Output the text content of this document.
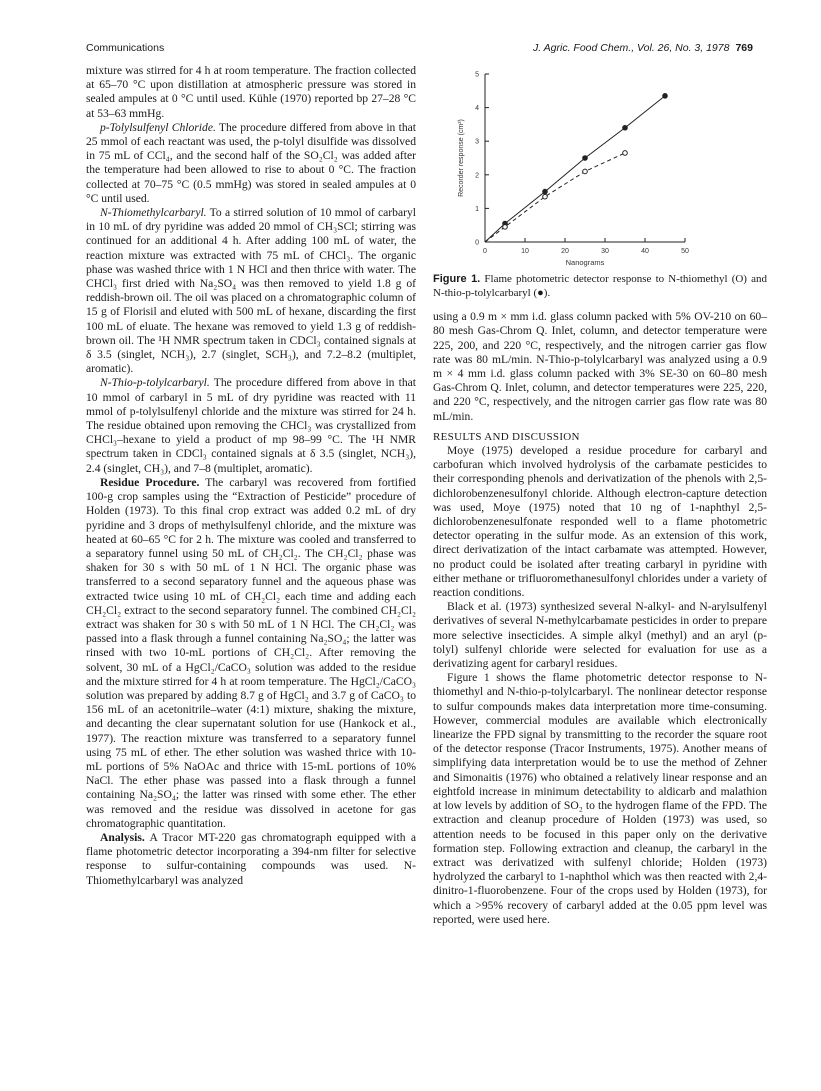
Communications	J. Agric. Food Chem., Vol. 26, No. 3, 1978 769

mixture was stirred for 4 h at room temperature. The fraction collected at 65–70 °C upon distillation at atmospheric pressure was stored in sealed ampules at 0 °C until used. Kühle (1970) reported bp 27–28 °C at 53–63 mmHg.

p-Tolylsulfenyl Chloride. The procedure differed from above in that 25 mmol of each reactant was used, the p-tolyl disulfide was dissolved in 75 mL of CCl₄, and the second half of the SO₂Cl₂ was added after the temperature had been allowed to rise to about 0 °C. The fraction collected at 70–75 °C (0.5 mmHg) was stored in sealed ampules at 0 °C until used.

N-Thiomethylcarbaryl. To a stirred solution of 10 mmol of carbaryl in 10 mL of dry pyridine was added 20 mmol of CH₃SCl; stirring was continued for an additional 4 h. After adding 100 mL of water, the reaction mixture was extracted with 75 mL of CHCl₃. The organic phase was washed thrice with 1 N HCl and then thrice with water. The CHCl₃ first dried with Na₂SO₄ was then removed to yield 1.8 g of reddish-brown oil. The oil was placed on a chromatographic column of 15 g of Florisil and eluted with 500 mL of hexane, discarding the first 100 mL of eluate. The hexane was removed to yield 1.3 g of reddish-brown oil. The ¹H NMR spectrum taken in CDCl₃ contained signals at δ 3.5 (singlet, NCH₃), 2.7 (singlet, SCH₃), and 7.2–8.2 (multiplet, aromatic).

N-Thio-p-tolylcarbaryl. The procedure differed from above in that 10 mmol of carbaryl in 5 mL of dry pyridine was reacted with 11 mmol of p-tolylsulfenyl chloride and the mixture was stirred for 24 h. The residue obtained upon removing the CHCl₃ was crystallized from CHCl₃–hexane to yield a product of mp 98–99 °C. The ¹H NMR spectrum taken in CDCl₃ contained signals at δ 3.5 (singlet, NCH₃), 2.4 (singlet, CH₃), and 7–8 (multiplet, aromatic).

Residue Procedure. The carbaryl was recovered from fortified 100-g crop samples using the “Extraction of Pesticide” procedure of Holden (1973). To this final crop extract was added 0.2 mL of dry pyridine and 3 drops of methylsulfenyl chloride, and the mixture was heated at 60–65 °C for 2 h. The mixture was cooled and transferred to a separatory funnel using 50 mL of CH₂Cl₂. The CH₂Cl₂ phase was shaken for 30 s with 50 mL of 1 N HCl. The organic phase was transferred to a second separatory funnel and the aqueous phase was extracted twice using 10 mL of CH₂Cl₂ each time and adding each CH₂Cl₂ extract to the second separatory funnel. The combined CH₂Cl₂ extract was shaken for 30 s with 50 mL of 1 N HCl. The CH₂Cl₂ was passed into a flask through a funnel containing Na₂SO₄; the latter was rinsed with two 10-mL portions of CH₂Cl₂. After removing the solvent, 30 mL of a HgCl₂/CaCO₃ solution was added to the residue and the mixture stirred for 4 h at room temperature. The HgCl₂/CaCO₃ solution was prepared by adding 8.7 g of HgCl₂ and 3.7 g of CaCO₃ to 156 mL of an acetonitrile–water (4:1) mixture, shaking the mixture, and decanting the clear supernatant solution for use (Hankock et al., 1977). The reaction mixture was transferred to a separatory funnel using 75 mL of ether. The ether solution was washed thrice with 10-mL portions of 5% NaOAc and thrice with 15-mL portions of 10% NaCl. The ether phase was passed into a flask through a funnel containing Na₂SO₄; the latter was rinsed with some ether. The ether was removed and the residue was dissolved in acetone for gas chromatographic quantitation.

Analysis. A Tracor MT-220 gas chromatograph equipped with a flame photometric detector incorporating a 394-nm filter for selective response to sulfur-containing compounds was used. N-Thiomethylcarbaryl was analyzed

0	10	20	30	40	50
0
1
2
3
4
5
Nanograms
Recorder response (cm²)

Figure 1. Flame photometric detector response to N-thiomethyl (O) and N-thio-p-tolylcarbaryl (●).

using a 0.9 m × mm i.d. glass column packed with 5% OV-210 on 60–80 mesh Gas-Chrom Q. Inlet, column, and detector temperature were 225, 200, and 220 °C, respectively, and the nitrogen carrier gas flow rate was 80 mL/min. N-Thio-p-tolylcarbaryl was analyzed using a 0.9 m × 4 mm i.d. glass column packed with 3% SE-30 on 60–80 mesh Gas-Chrom Q. Inlet, column, and detector temperatures were 225, 220, and 220 °C, respectively, and the nitrogen carrier gas flow rate was 80 mL/min.

RESULTS AND DISCUSSION

Moye (1975) developed a residue procedure for carbaryl and carbofuran which involved hydrolysis of the carbamate pesticides to their corresponding phenols and derivatization of the phenols with 2,5-dichlorobenzenesulfonyl chloride. Although electron-capture detection was used, Moye (1975) noted that 10 ng of 1-naphthyl 2,5-dichlorobenzenesulfonate responded well to a flame photometric detector operating in the sulfur mode. As an extension of this work, direct derivatization of the intact carbamate was attempted. However, no product could be isolated after treating carbaryl in pyridine with either methane or trifluoromethanesulfonyl chlorides under a variety of reaction conditions.

Black et al. (1973) synthesized several N-alkyl- and N-arylsulfenyl derivatives of several N-methylcarbamate pesticides in order to prepare more selective insecticides. A simple alkyl (methyl) and an aryl (p-tolyl) sulfenyl chloride were selected for evaluation for use as a derivatizing agent for carbaryl residues.

Figure 1 shows the flame photometric detector response to N-thiomethyl and N-thio-p-tolylcarbaryl. The nonlinear detector response to sulfur compounds makes data interpretation more time-consuming. However, commercial modules are available which electronically linearize the FPD signal by transmitting to the recorder the square root of the detector response (Tracor Instruments, 1975). Another means of simplifying data interpretation would be to use the method of Zehner and Simonaitis (1976) who obtained a relatively linear response and an eightfold increase in minimum detectability to aldicarb and malathion at low levels by addition of SO₂ to the hydrogen flame of the FPD. The extraction and cleanup procedure of Holden (1973) was used, so attention needs to be focused in this paper only on the derivative formation step. Following extraction and cleanup, the carbaryl in the extract was derivatized with sulfenyl chloride; Holden (1973) hydrolyzed the carbaryl to 1-naphthol which was then reacted with 2,4-dinitro-1-fluorobenzene. Four of the crops used by Holden (1973), for which a >95% recovery of carbaryl added at the 0.05 ppm level was reported, were used here.
